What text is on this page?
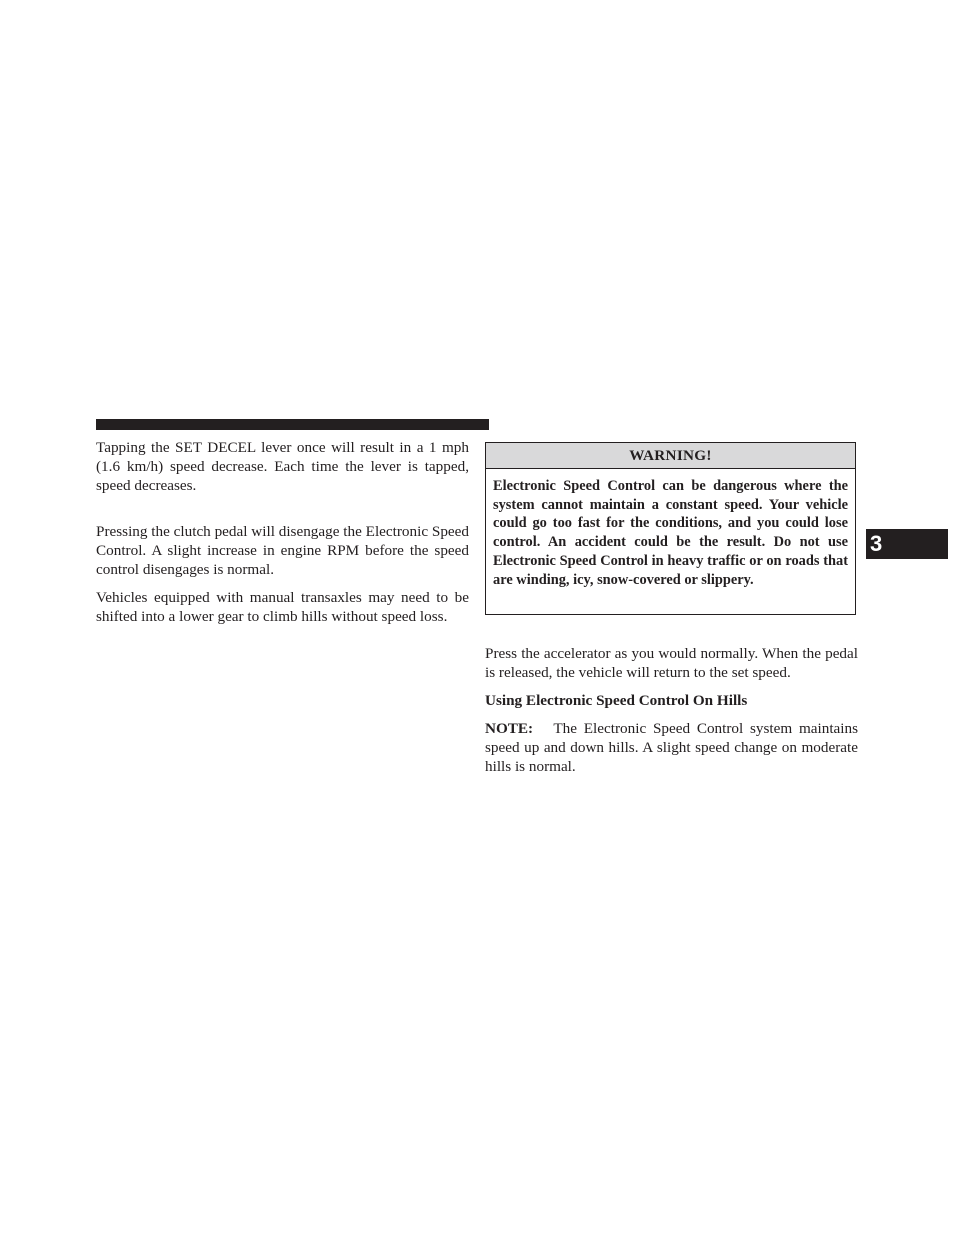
Tapping the SET DECEL lever once will result in a 1 mph (1.6 km/h) speed decrease. Each time the lever is tapped, speed decreases.

Pressing the clutch pedal will disengage the Electronic Speed Control. A slight increase in engine RPM before the speed control disengages is normal.

Vehicles equipped with manual transaxles may need to be shifted into a lower gear to climb hills without speed loss.

WARNING!

Electronic Speed Control can be dangerous where the system cannot maintain a constant speed. Your vehicle could go too fast for the conditions, and you could lose control. An accident could be the result. Do not use Electronic Speed Control in heavy traffic or on roads that are winding, icy, snow-covered or slippery.

Press the accelerator as you would normally. When the pedal is released, the vehicle will return to the set speed.

Using Electronic Speed Control On Hills

NOTE: The Electronic Speed Control system maintains speed up and down hills. A slight speed change on moderate hills is normal.

3
